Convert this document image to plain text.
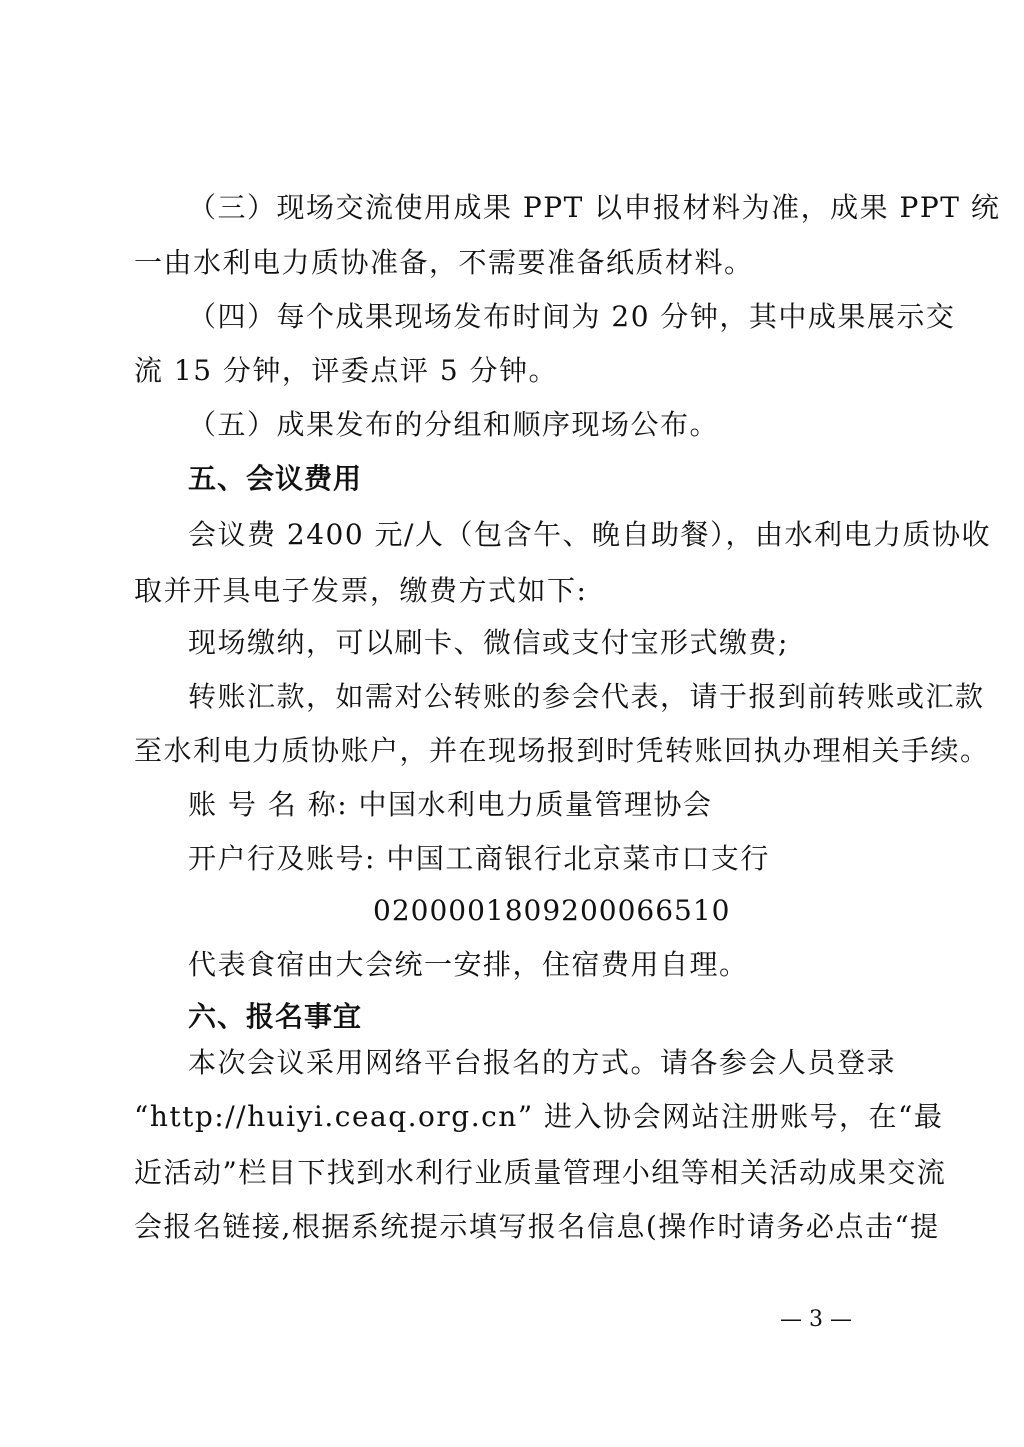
（三）现场交流使用成果 PPT 以申报材料为准，成果 PPT 统
一由水利电力质协准备，不需要准备纸质材料。
（四）每个成果现场发布时间为 20 分钟，其中成果展示交
流 15 分钟，评委点评 5 分钟。
（五）成果发布的分组和顺序现场公布。
五、会议费用
会议费 2400 元/人（包含午、晚自助餐），由水利电力质协收
取并开具电子发票，缴费方式如下:
现场缴纳，可以刷卡、微信或支付宝形式缴费;
转账汇款，如需对公转账的参会代表，请于报到前转账或汇款
至水利电力质协账户，并在现场报到时凭转账回执办理相关手续。
账 号 名 称: 中国水利电力质量管理协会
开户行及账号: 中国工商银行北京菜市口支行
0200001809200066510
代表食宿由大会统一安排，住宿费用自理。
六、报名事宜
本次会议采用网络平台报名的方式。请各参会人员登录
“http://huiyi.ceaq.org.cn” 进入协会网站注册账号，在“最
近活动”栏目下找到水利行业质量管理小组等相关活动成果交流
会报名链接,根据系统提示填写报名信息(操作时请务必点击“提
— 3 —
